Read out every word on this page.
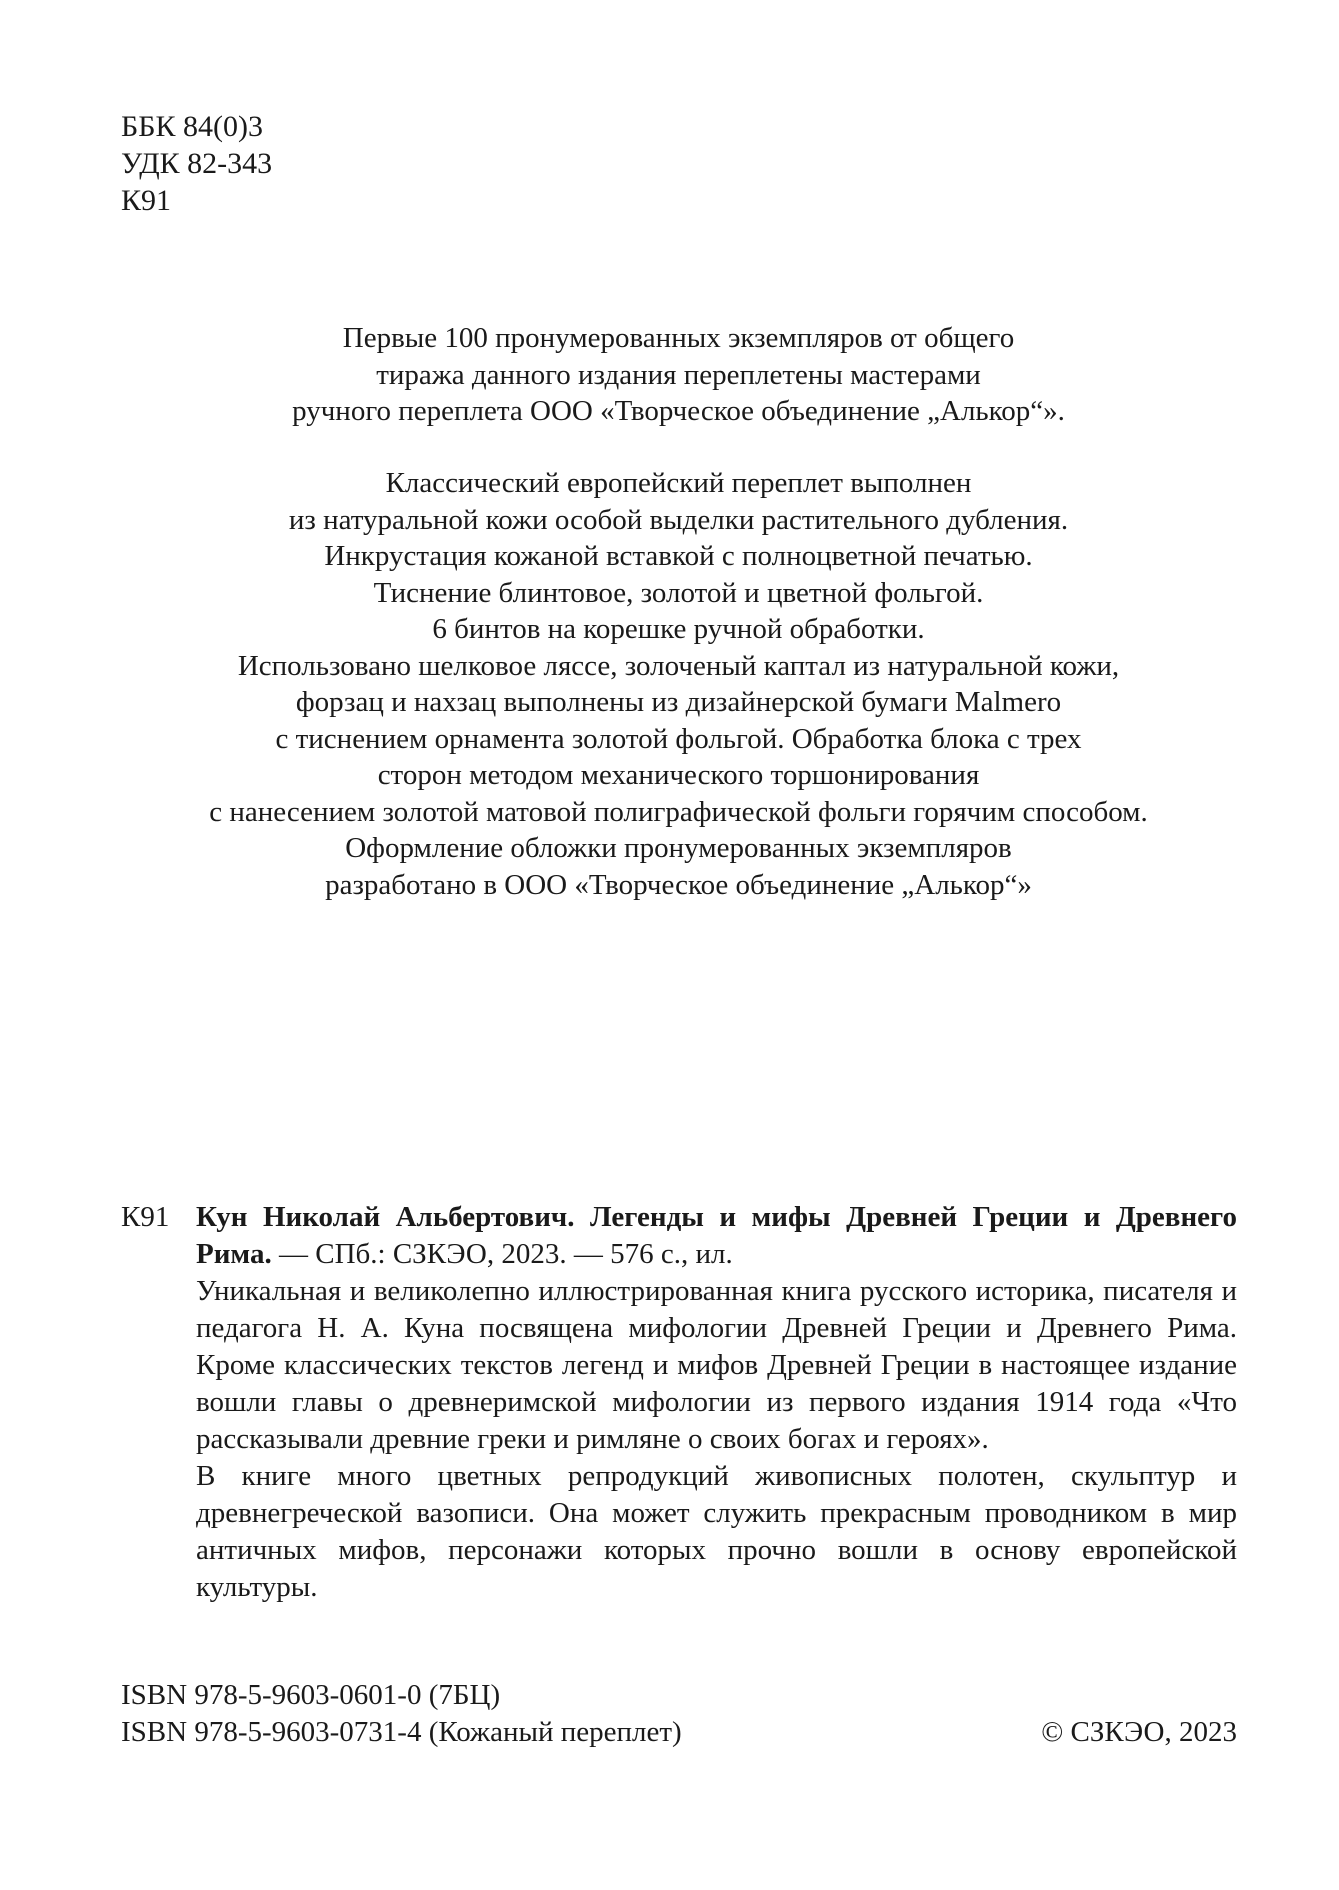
ББК 84(0)3
УДК 82-343
К91
Первые 100 пронумерованных экземпляров от общего
тиража данного издания переплетены мастерами
ручного переплета ООО «Творческое объединение „Алькор“».
Классический европейский переплет выполнен
из натуральной кожи особой выделки растительного дубления.
Инкрустация кожаной вставкой с полноцветной печатью.
Тиснение блинтовое, золотой и цветной фольгой.
6 бинтов на корешке ручной обработки.
Использовано шелковое ляссе, золоченый каптал из натуральной кожи,
форзац и нахзац выполнены из дизайнерской бумаги Malmero
с тиснением орнамента золотой фольгой. Обработка блока с трех
сторон методом механического торшонирования
с нанесением золотой матовой полиграфической фольги горячим способом.
Оформление обложки пронумерованных экземпляров
разработано в ООО «Творческое объединение „Алькор“»
К91 Кун Николай Альбертович. Легенды и мифы Древней Греции и Древнего Рима. — СПб.: СЗКЭО, 2023. — 576 с., ил.

Уникальная и великолепно иллюстрированная книга русского историка, писателя и педагога Н. А. Куна посвящена мифологии Древней Греции и Древнего Рима. Кроме классических текстов легенд и мифов Древней Греции в настоящее издание вошли главы о древнеримской мифологии из первого издания 1914 года «Что рассказывали древние греки и римляне о своих богах и героях».

В книге много цветных репродукций живописных полотен, скульптур и древнегреческой вазописи. Она может служить прекрасным проводником в мир античных мифов, персонажи которых прочно вошли в основу европейской культуры.

ISBN 978-5-9603-0601-0 (7БЦ)
ISBN 978-5-9603-0731-4 (Кожаный переплет)	© СЗКЭО, 2023
